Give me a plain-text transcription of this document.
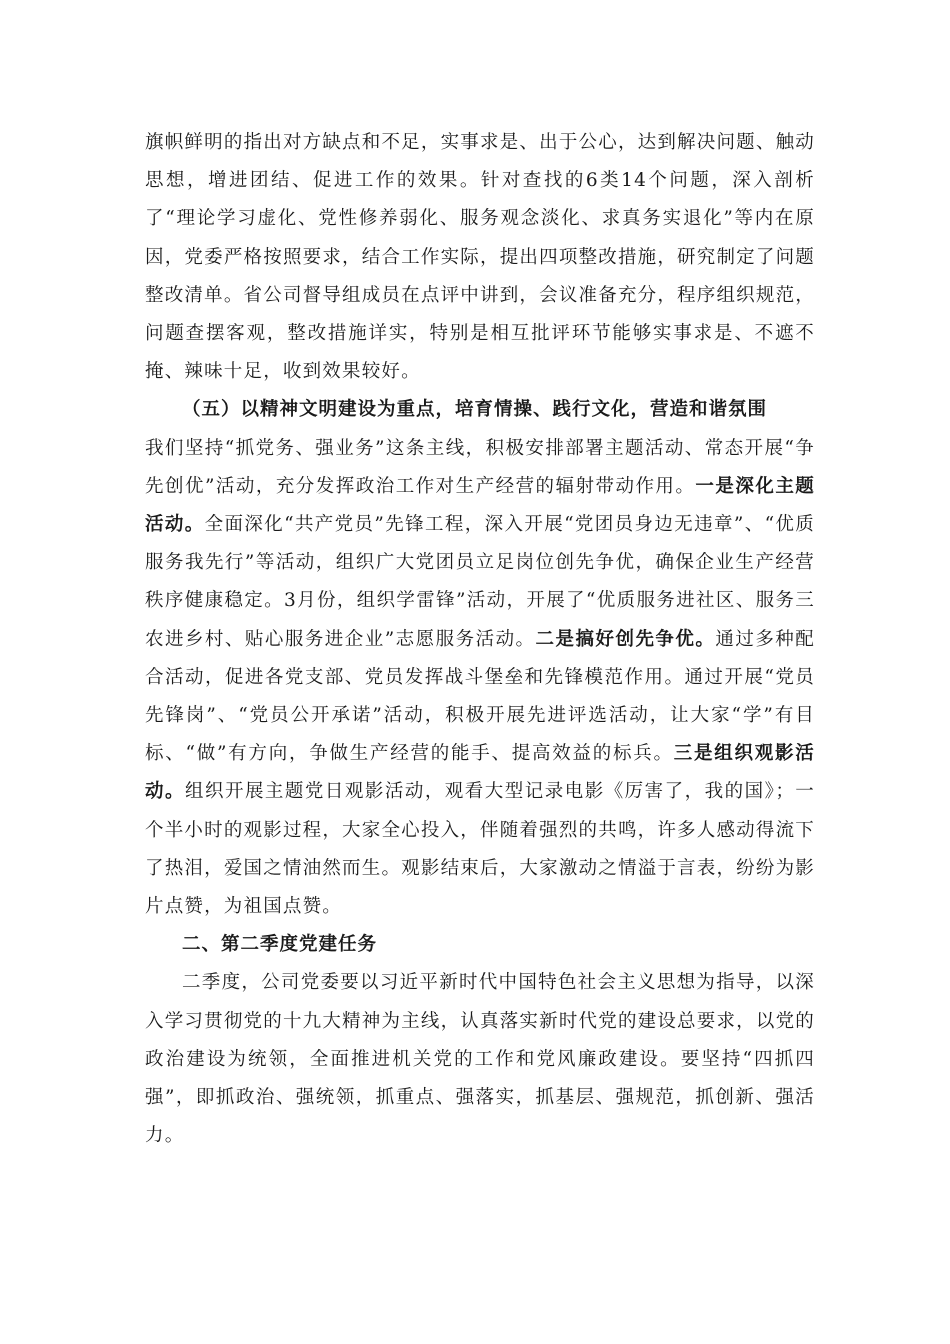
旗帜鲜明的指出对方缺点和不足，实事求是、出于公心，达到解决问题、触动思想，增进团结、促进工作的效果。针对查找的6类14个问题，深入剖析了“理论学习虚化、党性修养弱化、服务观念淡化、求真务实退化”等内在原因，党委严格按照要求，结合工作实际，提出四项整改措施，研究制定了问题整改清单。省公司督导组成员在点评中讲到，会议准备充分，程序组织规范，问题查摆客观，整改措施详实，特别是相互批评环节能够实事求是、不遮不掩、辣味十足，收到效果较好。

（五）以精神文明建设为重点，培育情操、践行文化，营造和谐氛围

我们坚持“抓党务、强业务”这条主线，积极安排部署主题活动、常态开展“争先创优”活动，充分发挥政治工作对生产经营的辐射带动作用。一是深化主题活动。全面深化“共产党员”先锋工程，深入开展“党团员身边无违章”、“优质服务我先行”等活动，组织广大党团员立足岗位创先争优，确保企业生产经营秩序健康稳定。3月份，组织学雷锋”活动，开展了“优质服务进社区、服务三农进乡村、贴心服务进企业”志愿服务活动。二是搞好创先争优。通过多种配合活动，促进各党支部、党员发挥战斗堡垒和先锋模范作用。通过开展“党员先锋岗”、“党员公开承诺”活动，积极开展先进评选活动，让大家“学”有目标、“做”有方向，争做生产经营的能手、提高效益的标兵。三是组织观影活动。组织开展主题党日观影活动，观看大型记录电影《厉害了，我的国》；一个半小时的观影过程，大家全心投入，伴随着强烈的共鸣，许多人感动得流下了热泪，爱国之情油然而生。观影结束后，大家激动之情溢于言表，纷纷为影片点赞，为祖国点赞。

二、第二季度党建任务

二季度，公司党委要以习近平新时代中国特色社会主义思想为指导，以深入学习贯彻党的十九大精神为主线，认真落实新时代党的建设总要求，以党的政治建设为统领，全面推进机关党的工作和党风廉政建设。要坚持“四抓四强”，即抓政治、强统领，抓重点、强落实，抓基层、强规范，抓创新、强活力。
